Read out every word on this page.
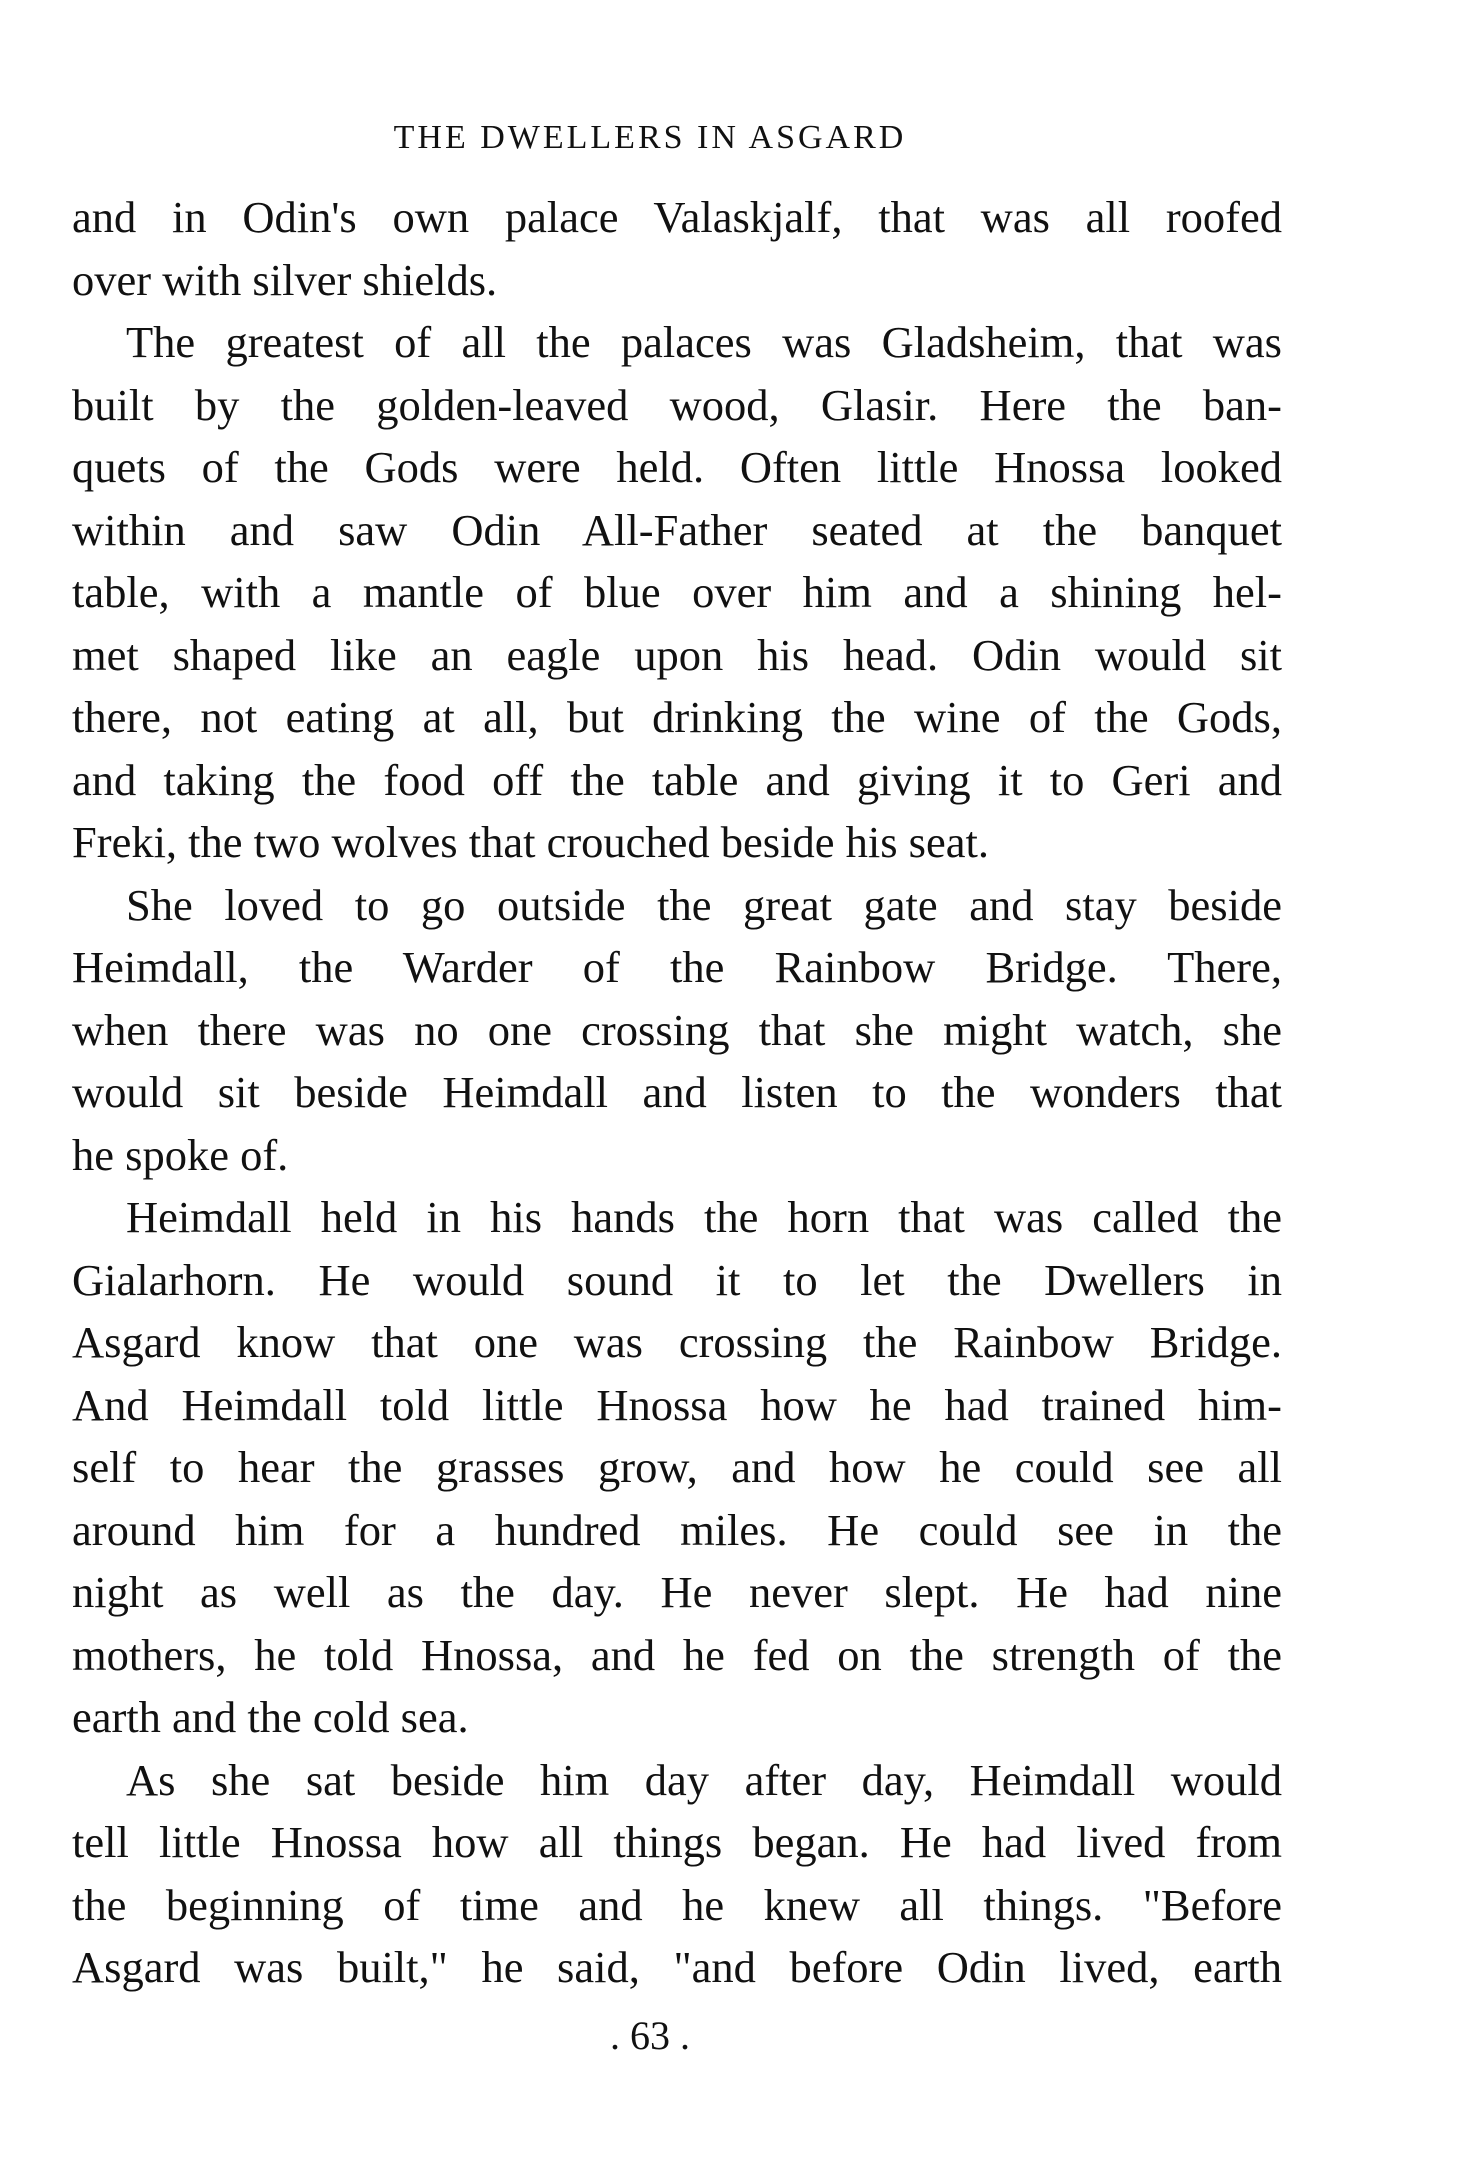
THE DWELLERS IN ASGARD
and in Odin's own palace Valaskjalf, that was all roofed
over with silver shields.
The greatest of all the palaces was Gladsheim, that was
built by the golden-leaved wood, Glasir. Here the ban-
quets of the Gods were held. Often little Hnossa looked
within and saw Odin All-Father seated at the banquet
table, with a mantle of blue over him and a shining hel-
met shaped like an eagle upon his head. Odin would sit
there, not eating at all, but drinking the wine of the Gods,
and taking the food off the table and giving it to Geri and
Freki, the two wolves that crouched beside his seat.
She loved to go outside the great gate and stay beside
Heimdall, the Warder of the Rainbow Bridge. There,
when there was no one crossing that she might watch, she
would sit beside Heimdall and listen to the wonders that
he spoke of.
Heimdall held in his hands the horn that was called the
Gialarhorn. He would sound it to let the Dwellers in
Asgard know that one was crossing the Rainbow Bridge.
And Heimdall told little Hnossa how he had trained him-
self to hear the grasses grow, and how he could see all
around him for a hundred miles. He could see in the
night as well as the day. He never slept. He had nine
mothers, he told Hnossa, and he fed on the strength of the
earth and the cold sea.
As she sat beside him day after day, Heimdall would
tell little Hnossa how all things began. He had lived from
the beginning of time and he knew all things. "Before
Asgard was built," he said, "and before Odin lived, earth
. 63 .
